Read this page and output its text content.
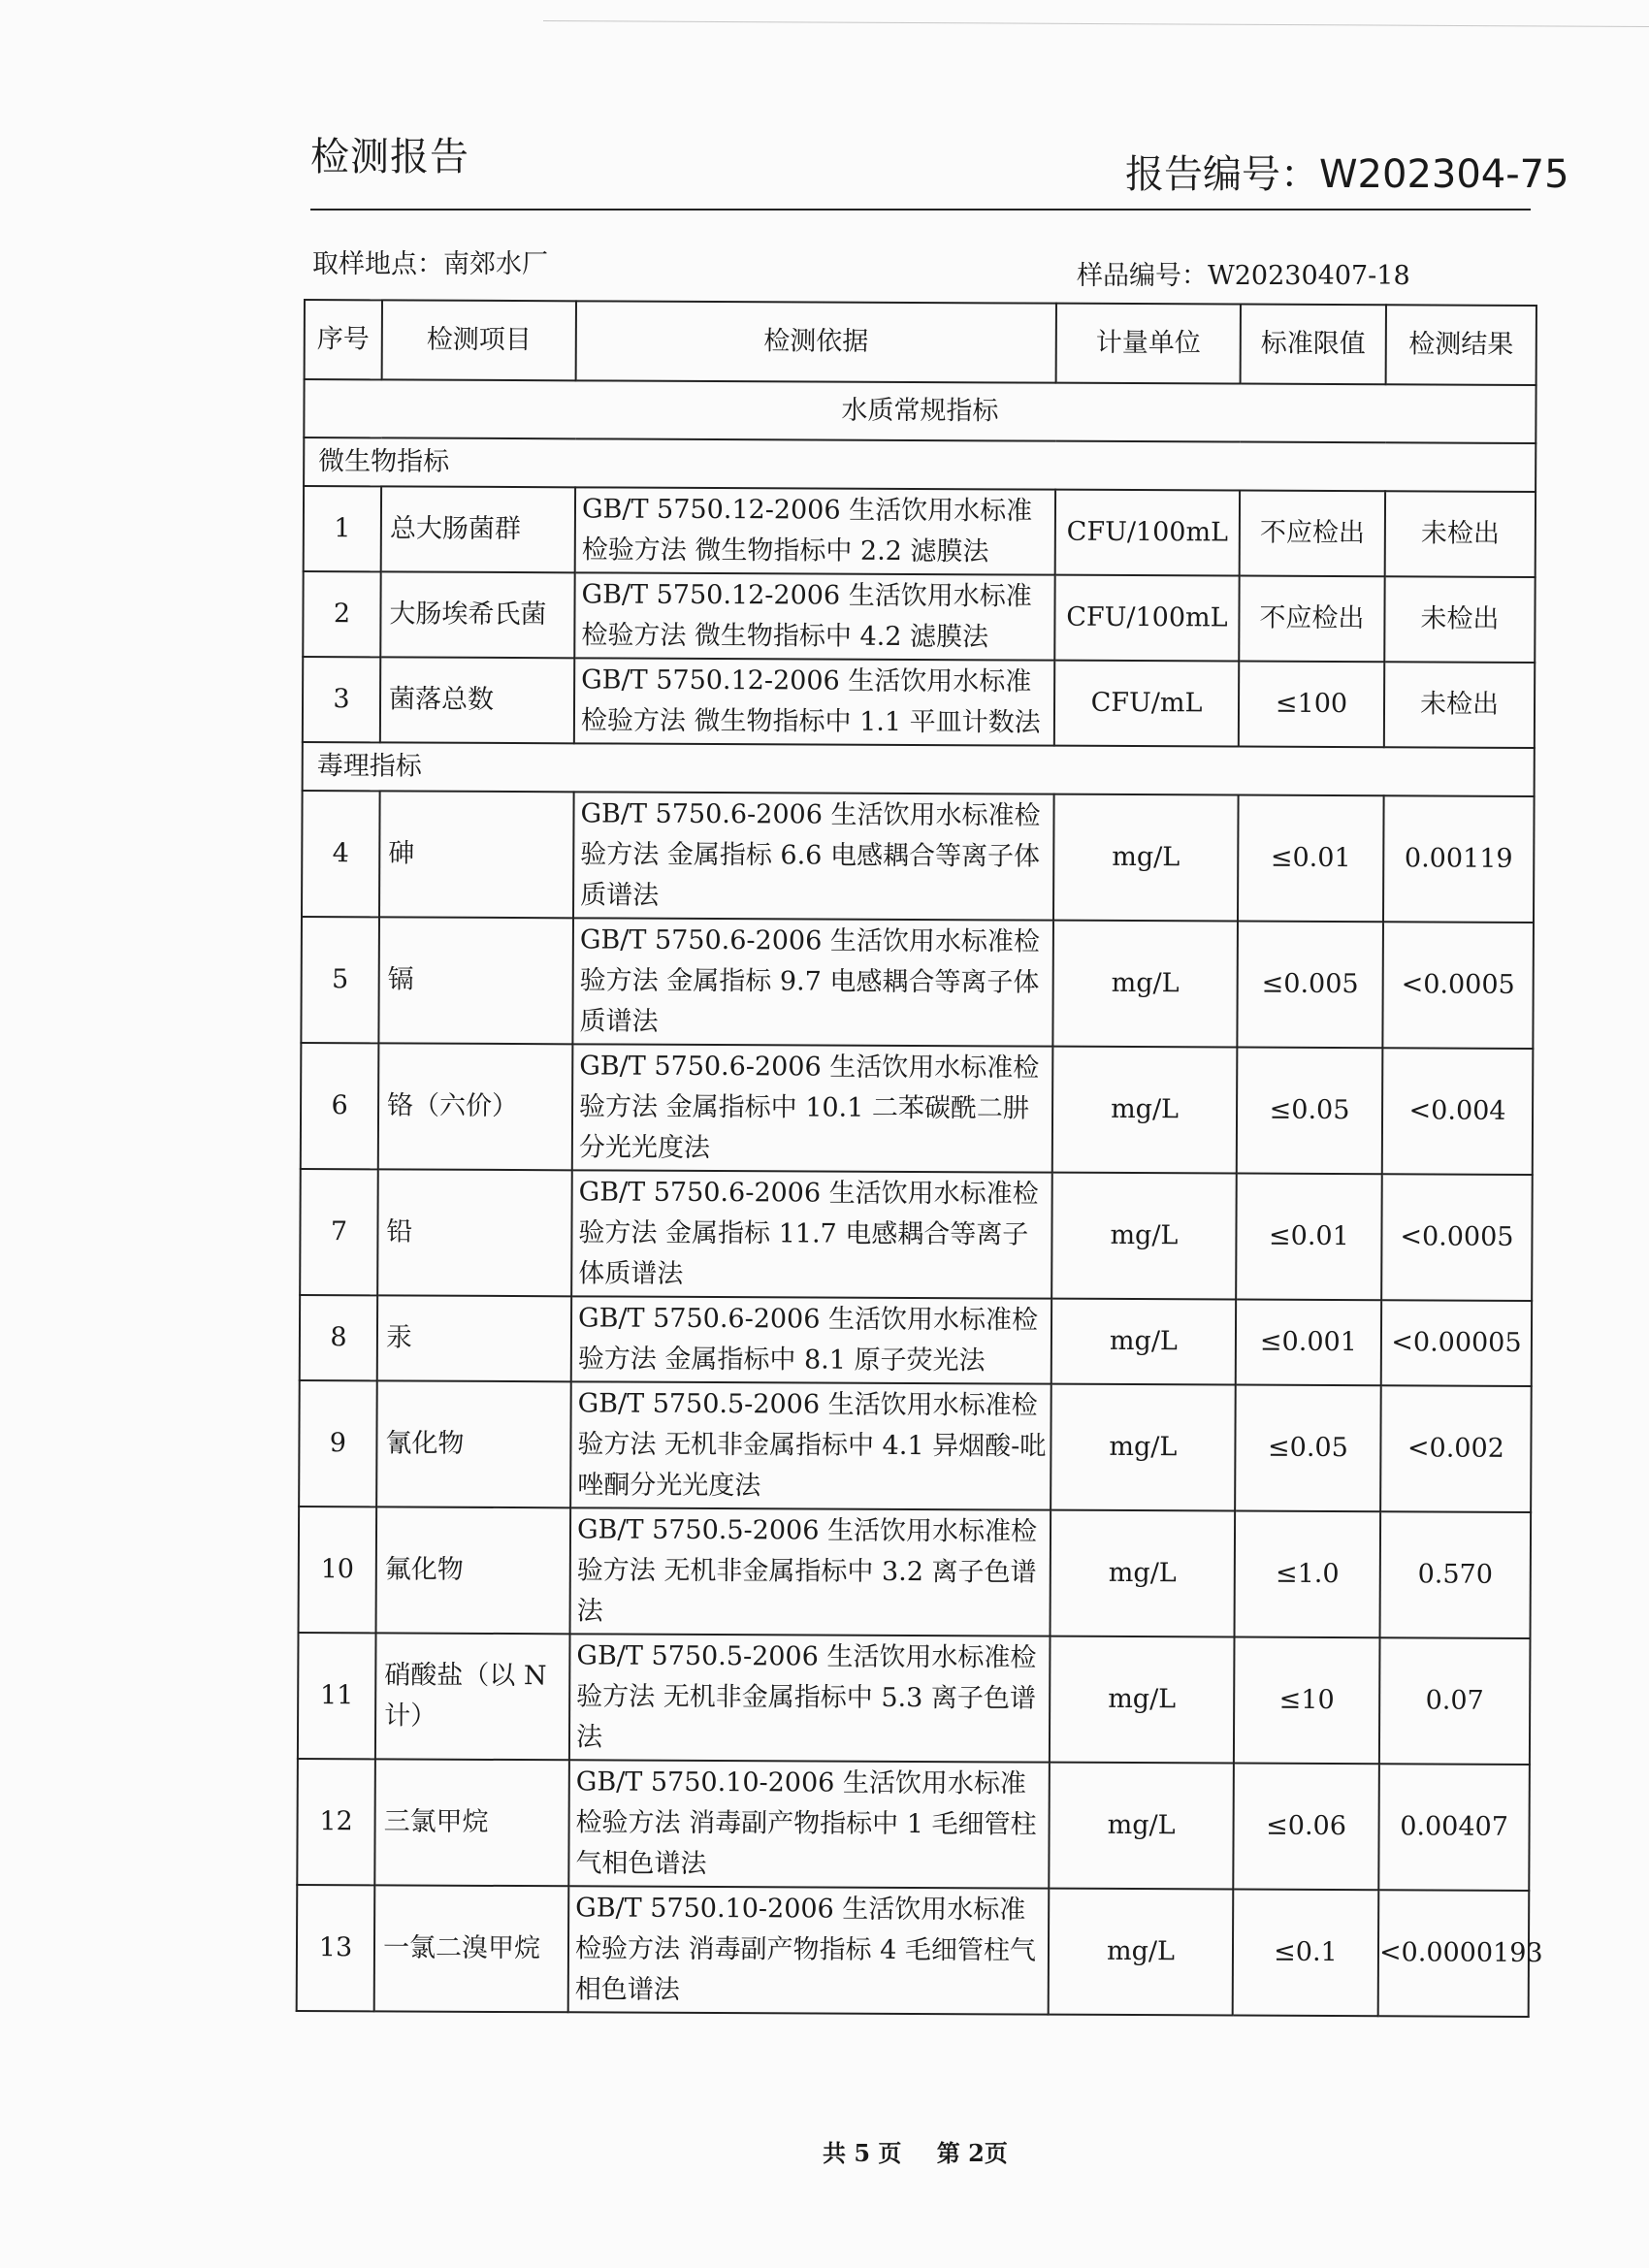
检测报告	报告编号：W202304-75
取样地点：南郊水厂	样品编号：W20230407-18
序号	检测项目	检测依据	计量单位	标准限值	检测结果
水质常规指标					
微生物指标					
1	总大肠菌群	GB/T 5750.12-2006 生活饮用水标准检验方法 微生物指标中 2.2 滤膜法	CFU/100mL	不应检出	未检出
2	大肠埃希氏菌	GB/T 5750.12-2006 生活饮用水标准检验方法 微生物指标中 4.2 滤膜法	CFU/100mL	不应检出	未检出
3	菌落总数	GB/T 5750.12-2006 生活饮用水标准检验方法 微生物指标中 1.1 平皿计数法	CFU/mL	≤100	未检出
毒理指标					
4	砷	GB/T 5750.6-2006 生活饮用水标准检验方法 金属指标 6.6 电感耦合等离子体质谱法	mg/L	≤0.01	0.00119
5	镉	GB/T 5750.6-2006 生活饮用水标准检验方法 金属指标 9.7 电感耦合等离子体质谱法	mg/L	≤0.005	<0.0005
6	铬（六价）	GB/T 5750.6-2006 生活饮用水标准检验方法 金属指标中 10.1 二苯碳酰二肼分光光度法	mg/L	≤0.05	<0.004
7	铅	GB/T 5750.6-2006 生活饮用水标准检验方法 金属指标 11.7 电感耦合等离子体质谱法	mg/L	≤0.01	<0.0005
8	汞	GB/T 5750.6-2006 生活饮用水标准检验方法 金属指标中 8.1 原子荧光法	mg/L	≤0.001	<0.00005
9	氰化物	GB/T 5750.5-2006 生活饮用水标准检验方法 无机非金属指标中 4.1 异烟酸-吡唑酮分光光度法	mg/L	≤0.05	<0.002
10	氟化物	GB/T 5750.5-2006 生活饮用水标准检验方法 无机非金属指标中 3.2 离子色谱法	mg/L	≤1.0	0.570
11	硝酸盐（以 N 计）	GB/T 5750.5-2006 生活饮用水标准检验方法 无机非金属指标中 5.3 离子色谱法	mg/L	≤10	0.07
12	三氯甲烷	GB/T 5750.10-2006 生活饮用水标准检验方法 消毒副产物指标中 1 毛细管柱气相色谱法	mg/L	≤0.06	0.00407
13	一氯二溴甲烷	GB/T 5750.10-2006 生活饮用水标准检验方法 消毒副产物指标 4 毛细管柱气相色谱法	mg/L	≤0.1	<0.0000193
共 5 页 第 2页
